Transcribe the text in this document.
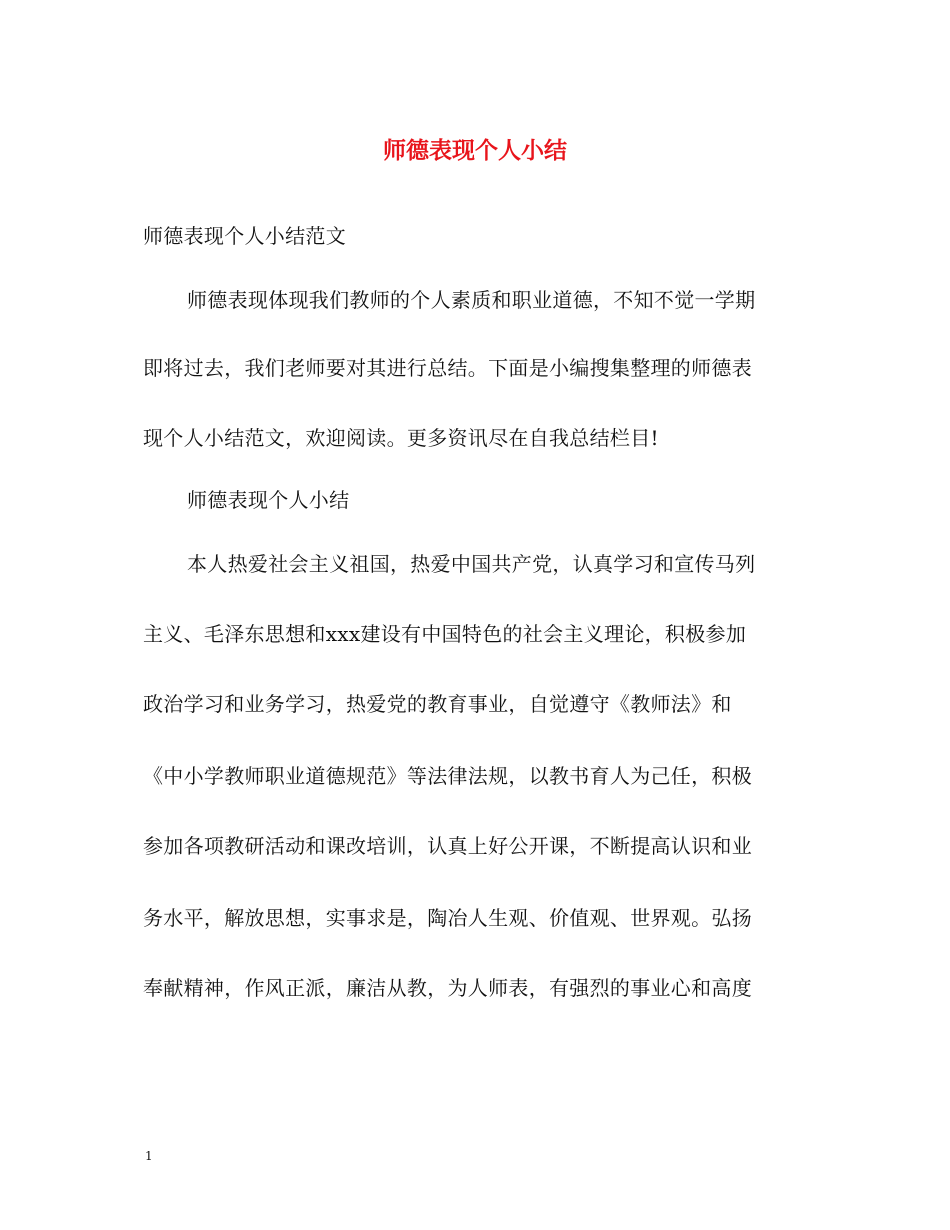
师德表现个人小结
师德表现个人小结范文
师德表现体现我们教师的个人素质和职业道德，不知不觉一学期
即将过去，我们老师要对其进行总结。下面是小编搜集整理的师德表
现个人小结范文，欢迎阅读。更多资讯尽在自我总结栏目!
师德表现个人小结
本人热爱社会主义祖国，热爱中国共产党，认真学习和宣传马列
主义、毛泽东思想和xxx建设有中国特色的社会主义理论，积极参加
政治学习和业务学习，热爱党的教育事业，自觉遵守《教师法》和
《中小学教师职业道德规范》等法律法规，以教书育人为己任，积极
参加各项教研活动和课改培训，认真上好公开课，不断提高认识和业
务水平，解放思想，实事求是，陶冶人生观、价值观、世界观。弘扬
奉献精神，作风正派，廉洁从教，为人师表，有强烈的事业心和高度
1
